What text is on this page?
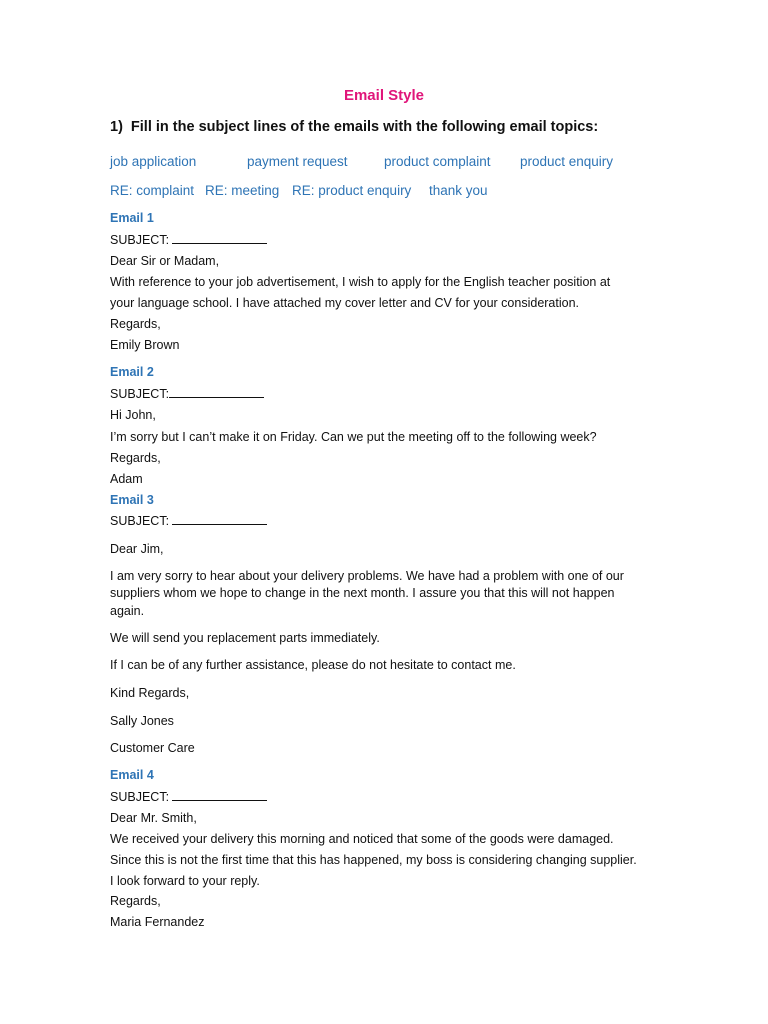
Email Style
1) Fill in the subject lines of the emails with the following email topics:
job application	payment request	product complaint product enquiry
RE: complaint RE: meeting RE: product enquiry thank you
Email 1
SUBJECT:
Dear Sir or Madam,
With reference to your job advertisement, I wish to apply for the English teacher position at
your language school. I have attached my cover letter and CV for your consideration.
Regards,
Emily Brown
Email 2
SUBJECT:
Hi John,
I’m sorry but I can’t make it on Friday. Can we put the meeting off to the following week?
Regards,
Adam
Email 3
SUBJECT:
Dear Jim,
I am very sorry to hear about your delivery problems. We have had a problem with one of our
suppliers whom we hope to change in the next month. I assure you that this will not happen
again.
We will send you replacement parts immediately.
If I can be of any further assistance, please do not hesitate to contact me.
Kind Regards,
Sally Jones
Customer Care
Email 4
SUBJECT:
Dear Mr. Smith,
We received your delivery this morning and noticed that some of the goods were damaged.
Since this is not the first time that this has happened, my boss is considering changing supplier.
I look forward to your reply.
Regards,
Maria Fernandez
